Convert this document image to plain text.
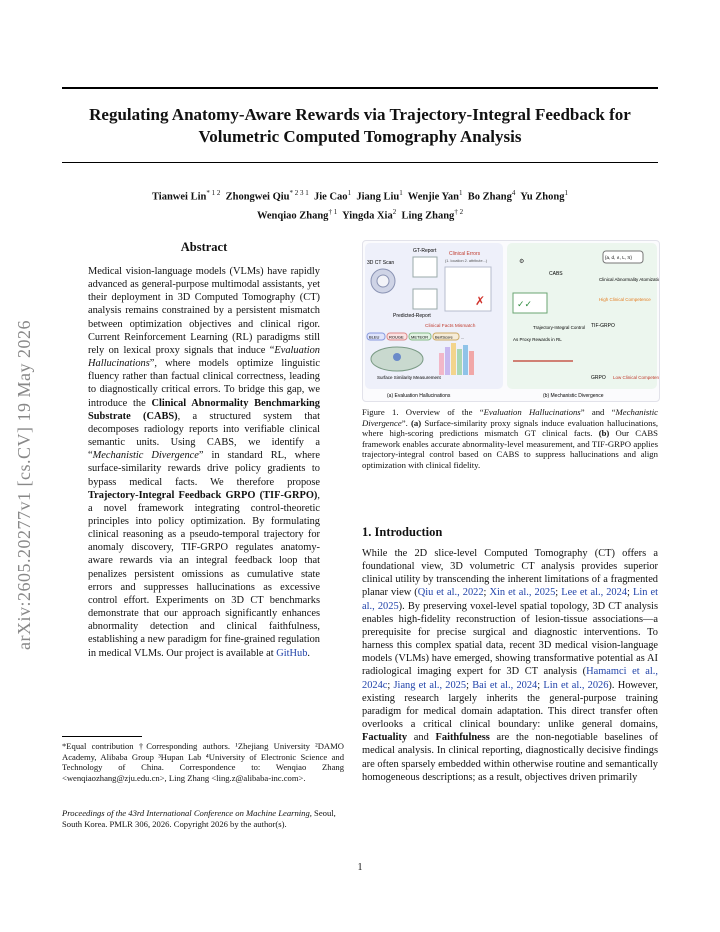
Regulating Anatomy-Aware Rewards via Trajectory-Integral Feedback for
Volumetric Computed Tomography Analysis
Tianwei Lin$^{* 1 2}$ Zhongwei Qiu$^{* 2 3 1}$ Jie Cao$^1$ Jiang Liu$^1$ Wenjie Yan$^1$ Bo Zhang$^4$ Yu Zhong$^1$
Wenqiao Zhang$^{\dagger 1}$ Yingda Xia$^2$ Ling Zhang$^{\dagger 2}$
arXiv:2605.20277v1 [cs.CV] 19 May 2026
Abstract
Medical vision-language models (VLMs) have rapidly advanced as general-purpose multimodal assistants, yet their deployment in 3D Computed Tomography (CT) analysis remains constrained by a persistent mismatch between optimization objectives and clinical rigor. Current Reinforcement Learning (RL) paradigms still rely on lexical proxy signals that induce “Evaluation Hallucinations”, where models optimize linguistic fluency rather than factual clinical correctness, leading to diagnostically critical errors. To bridge this gap, we introduce the Clinical Abnormality Benchmarking Substrate (CABS), a structured system that decomposes radiology reports into verifiable clinical semantic units. Using CABS, we identify a “Mechanistic Divergence” in standard RL, where surface-similarity rewards drive policy gradients to bypass medical facts. We therefore propose Trajectory-Integral Feedback GRPO (TIF-GRPO), a novel framework integrating control-theoretic principles into policy optimization. By formulating clinical reasoning as a pseudo-temporal trajectory for anomaly discovery, TIF-GRPO regulates anatomy-aware rewards via an integral feedback loop that penalizes persistent omissions as cumulative state errors and suppresses hallucinations as excessive control effort. Experiments on 3D CT benchmarks demonstrate that our approach significantly enhances abnormality detection and clinical faithfulness, establishing a new paradigm for fine-grained regulation in medical VLMs. Our project is available at GitHub.
*Equal contribution †Corresponding authors. ¹Zhejiang University ²DAMO Academy, Alibaba Group ³Hupan Lab ⁴University of Electronic Science and Technology of China. Correspondence to: Wenqiao Zhang <wenqiaozhang@zju.edu.cn>, Ling Zhang <ling.z@alibaba-inc.com>.
Proceedings of the 43rd International Conference on Machine Learning, Seoul, South Korea. PMLR 306, 2026. Copyright 2026 by the author(s).
3D CT Scan
GT-Report
Predicted-Report
Clinical Errors
(1. location 2. attribute...)
✗
Clinical Facts Mismatch
BLEU ROUGE METEOR BertScore ...
Surface Similarity Measurement
(a) Evaluation Hallucinations
⚙
CABS
{a, d, ∧, L, π}
Clinical Abnormality Atomization
High Clinical Competence
✓✓
Trajectory-Integral Control TIF-GRPO
As Proxy Rewards in RL
GRPO Low Clinical Competence
(b) Mechanistic Divergence
Figure 1. Overview of the “Evaluation Hallucinations” and “Mechanistic Divergence”. (a) Surface-similarity proxy signals induce evaluation hallucinations, where high-scoring predictions mismatch GT clinical facts. (b) Our CABS framework enables accurate abnormality-level measurement, and TIF-GRPO applies trajectory-integral control based on CABS to suppress hallucinations and align optimization with clinical fidelity.
1. Introduction
While the 2D slice-level Computed Tomography (CT) offers a foundational view, 3D volumetric CT analysis provides superior clinical utility by transcending the inherent limitations of a fragmented planar view (Qiu et al., 2022; Xin et al., 2025; Lee et al., 2024; Lin et al., 2025). By preserving voxel-level spatial topology, 3D CT analysis enables high-fidelity reconstruction of lesion-tissue associations—a prerequisite for precise surgical and diagnostic interventions. To harness this complex spatial data, recent 3D medical vision-language models (VLMs) have emerged, showing transformative potential as AI radiological imaging expert for 3D CT analysis (Hamamci et al., 2024c; Jiang et al., 2025; Bai et al., 2024; Lin et al., 2026). However, existing research largely inherits the general-purpose training paradigm for medical domain adaptation. This direct transfer often overlooks a critical clinical boundary: unlike general domains, Factuality and Faithfulness are the non-negotiable baselines of medical analysis. In clinical reporting, diagnostically decisive findings are often sparsely embedded within otherwise routine and semantically homogeneous descriptions; as a result, objectives driven primarily
1
